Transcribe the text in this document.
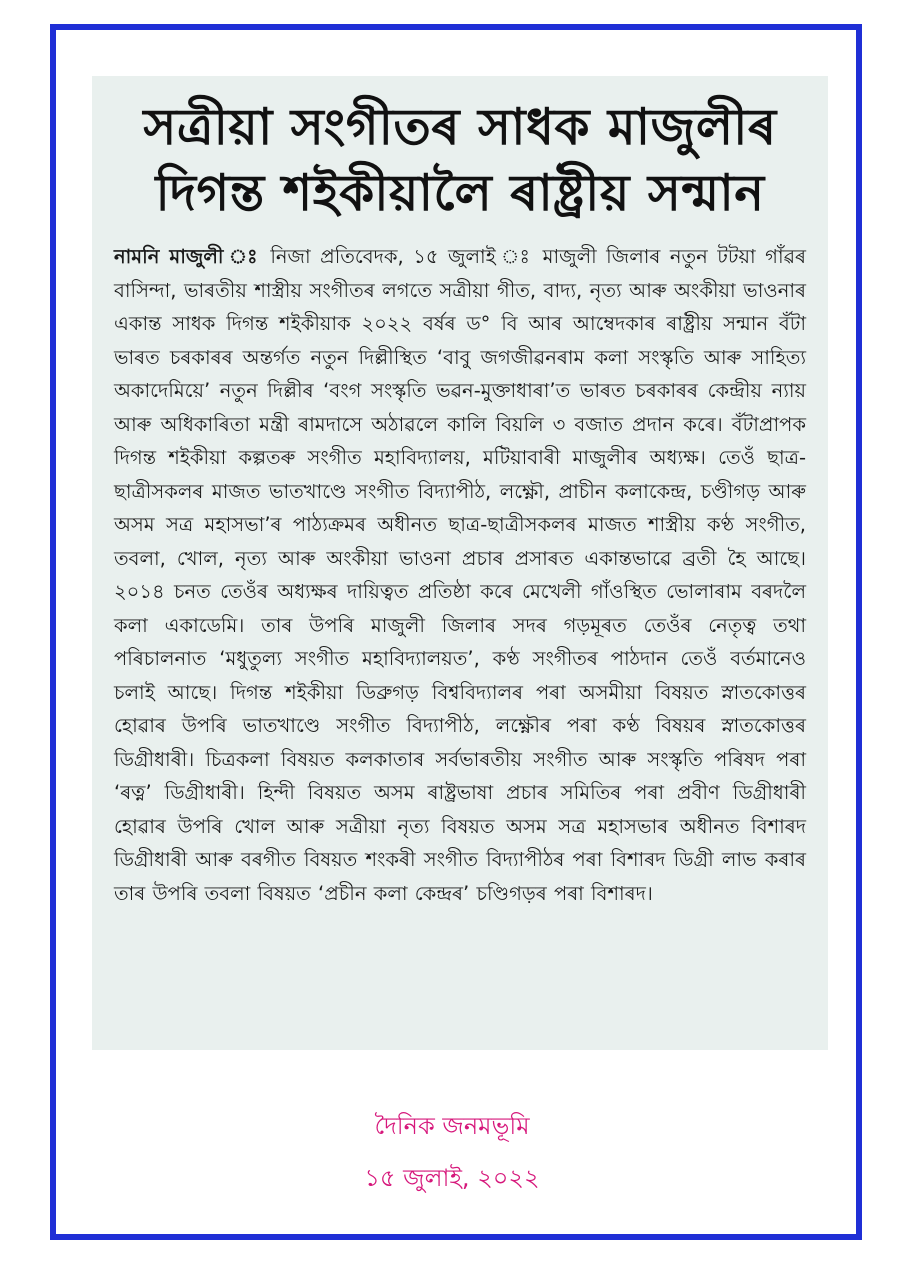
সত্ৰীয়া সংগীতৰ সাধক মাজুলীৰ দিগন্ত শইকীয়ালৈ ৰাষ্ট্ৰীয় সন্মান
নামনি মাজুলী ঃ নিজা প্ৰতিবেদক, ১৫ জুলাই ঃ মাজুলী জিলাৰ নতুন টটয়া গাঁৱৰ বাসিন্দা, ভাৰতীয় শাস্ত্ৰীয় সংগীতৰ লগতে সত্ৰীয়া গীত, বাদ্য, নৃত্য আৰু অংকীয়া ভাওনাৰ একান্ত সাধক দিগন্ত শইকীয়াক ২০২২ বৰ্ষৰ ড° বি আৰ আম্বেদকাৰ ৰাষ্ট্ৰীয় সন্মান বঁটা ভাৰত চৰকাৰৰ অন্তৰ্গত নতুন দিল্লীস্থিত ‘বাবু জগজীৱনৰাম কলা সংস্কৃতি আৰু সাহিত্য অকাদেমিয়ে’ নতুন দিল্লীৰ ‘বংগ সংস্কৃতি ভৱন-মুক্তাধাৰা’ত ভাৰত চৰকাৰৰ কেন্দ্ৰীয় ন্যায় আৰু অধিকাৰিতা মন্ত্ৰী ৰামদাসে অঠাৱলে কালি বিয়লি ৩ বজাত প্ৰদান কৰে। বঁটাপ্ৰাপক দিগন্ত শইকীয়া কল্পতৰু সংগীত মহাবিদ্যালয়, মটিয়াবাৰী মাজুলীৰ অধ্যক্ষ। তেওঁ ছাত্ৰ-ছাত্ৰীসকলৰ মাজত ভাতখাণ্ডে সংগীত বিদ্যাপীঠ, লক্ষ্ণৌ, প্ৰাচীন কলাকেন্দ্ৰ, চণ্ডীগড় আৰু অসম সত্ৰ মহাসভা’ৰ পাঠ্যক্ৰমৰ অধীনত ছাত্ৰ-ছাত্ৰীসকলৰ মাজত শাস্ত্ৰীয় কণ্ঠ সংগীত, তবলা, খোল, নৃত্য আৰু অংকীয়া ভাওনা প্ৰচাৰ প্ৰসাৰত একান্তভাৱে ব্ৰতী হৈ আছে। ২০১৪ চনত তেওঁৰ অধ্যক্ষৰ দায়িত্বত প্ৰতিষ্ঠা কৰে মেখেলী গাঁওস্থিত ভোলাৰাম বৰদলৈ কলা একাডেমি। তাৰ উপৰি মাজুলী জিলাৰ সদৰ গড়মূৰত তেওঁৰ নেতৃত্ব তথা পৰিচালনাত ‘মধুতুল্য সংগীত মহাবিদ্যালয়ত’, কণ্ঠ সংগীতৰ পাঠদান তেওঁ বৰ্তমানেও চলাই আছে। দিগন্ত শইকীয়া ডিব্ৰুগড় বিশ্ববিদ্যালৰ পৰা অসমীয়া বিষয়ত স্নাতকোত্তৰ হোৱাৰ উপৰি ভাতখাণ্ডে সংগীত বিদ্যাপীঠ, লক্ষ্ণৌৰ পৰা কণ্ঠ বিষয়ৰ স্নাতকোত্তৰ ডিগ্ৰীধাৰী। চিত্ৰকলা বিষয়ত কলকাতাৰ সৰ্বভাৰতীয় সংগীত আৰু সংস্কৃতি পৰিষদ পৰা ‘ৰত্ন’ ডিগ্ৰীধাৰী। হিন্দী বিষয়ত অসম ৰাষ্ট্ৰভাষা প্ৰচাৰ সমিতিৰ পৰা প্ৰবীণ ডিগ্ৰীধাৰী হোৱাৰ উপৰি খোল আৰু সত্ৰীয়া নৃত্য বিষয়ত অসম সত্ৰ মহাসভাৰ অধীনত বিশাৰদ ডিগ্ৰীধাৰী আৰু বৰগীত বিষয়ত শংকৰী সংগীত বিদ্যাপীঠৰ পৰা বিশাৰদ ডিগ্ৰী লাভ কৰাৰ তাৰ উপৰি তবলা বিষয়ত ‘প্ৰচীন কলা কেন্দ্ৰৰ’ চণ্ডিগড়ৰ পৰা বিশাৰদ।
দৈনিক জনমভূমি
১৫ জুলাই, ২০২২
